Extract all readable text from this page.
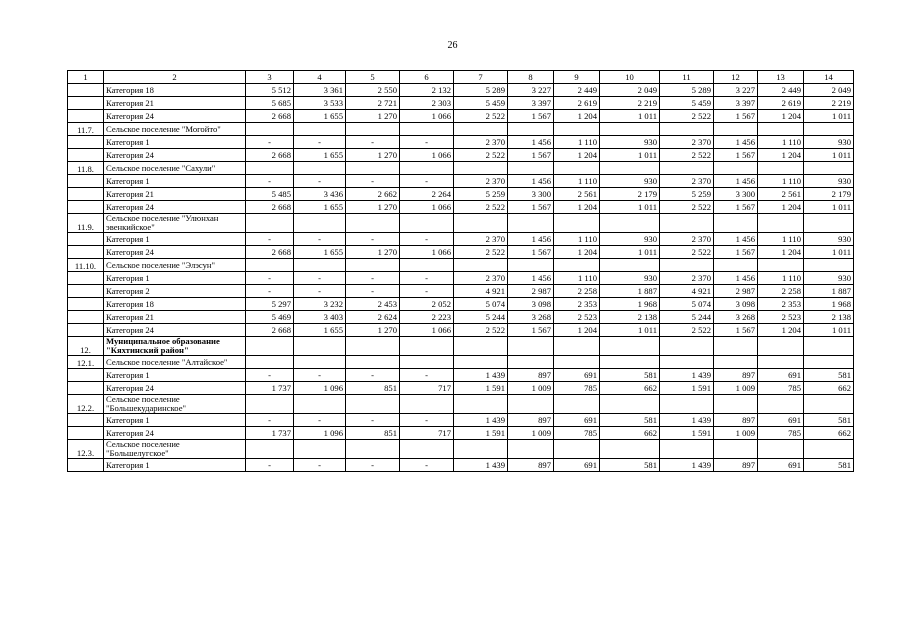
26
1	2	3	4	5	6	7	8	9	10	11	12	13	14
	Категория 18	5 512	3 361	2 550	2 132	5 289	3 227	2 449	2 049	5 289	3 227	2 449	2 049
	Категория 21	5 685	3 533	2 721	2 303	5 459	3 397	2 619	2 219	5 459	3 397	2 619	2 219
	Категория 24	2 668	1 655	1 270	1 066	2 522	1 567	1 204	1 011	2 522	1 567	1 204	1 011
11.7.	Сельское поселение "Могойто"												
	Категория 1	-	-	-	-	2 370	1 456	1 110	930	2 370	1 456	1 110	930
	Категория 24	2 668	1 655	1 270	1 066	2 522	1 567	1 204	1 011	2 522	1 567	1 204	1 011
11.8.	Сельское поселение "Сахули"												
	Категория 1	-	-	-	-	2 370	1 456	1 110	930	2 370	1 456	1 110	930
	Категория 21	5 485	3 436	2 662	2 264	5 259	3 300	2 561	2 179	5 259	3 300	2 561	2 179
	Категория 24	2 668	1 655	1 270	1 066	2 522	1 567	1 204	1 011	2 522	1 567	1 204	1 011
11.9.	Сельское поселение "Улюнхан эвенкийское"												
	Категория 1	-	-	-	-	2 370	1 456	1 110	930	2 370	1 456	1 110	930
	Категория 24	2 668	1 655	1 270	1 066	2 522	1 567	1 204	1 011	2 522	1 567	1 204	1 011
11.10.	Сельское поселение "Элэсун"												
	Категория 1	-	-	-	-	2 370	1 456	1 110	930	2 370	1 456	1 110	930
	Категория 2	-	-	-	-	4 921	2 987	2 258	1 887	4 921	2 987	2 258	1 887
	Категория 18	5 297	3 232	2 453	2 052	5 074	3 098	2 353	1 968	5 074	3 098	2 353	1 968
	Категория 21	5 469	3 403	2 624	2 223	5 244	3 268	2 523	2 138	5 244	3 268	2 523	2 138
	Категория 24	2 668	1 655	1 270	1 066	2 522	1 567	1 204	1 011	2 522	1 567	1 204	1 011
12.	Муниципальное образование "Кяхтинский район"												
12.1.	Сельское поселение "Алтайское"												
	Категория 1	-	-	-	-	1 439	897	691	581	1 439	897	691	581
	Категория 24	1 737	1 096	851	717	1 591	1 009	785	662	1 591	1 009	785	662
12.2.	Сельское поселение "Большекударинское"												
	Категория 1	-	-	-	-	1 439	897	691	581	1 439	897	691	581
	Категория 24	1 737	1 096	851	717	1 591	1 009	785	662	1 591	1 009	785	662
12.3.	Сельское поселение "Большелугское"												
	Категория 1	-	-	-	-	1 439	897	691	581	1 439	897	691	581
